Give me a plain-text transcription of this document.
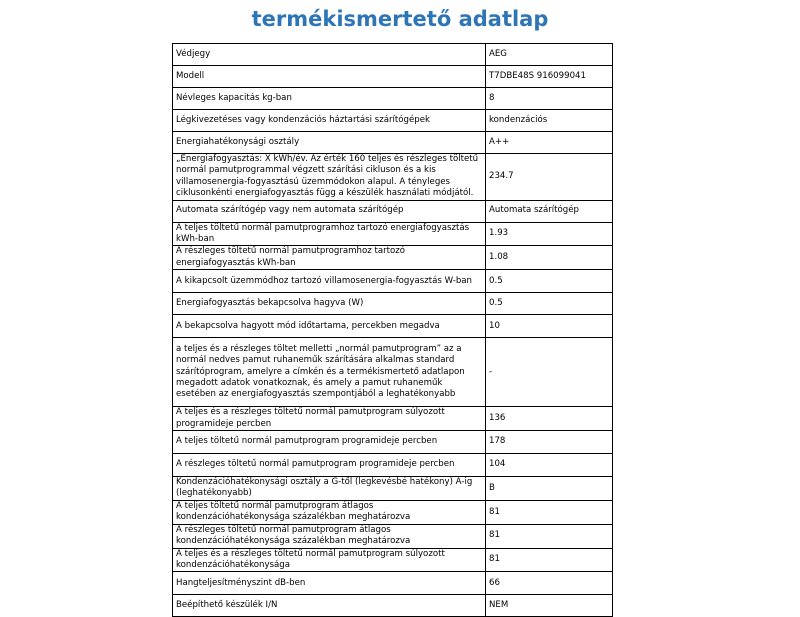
termékismertető adatlap
Védjegy	AEG
Modell	T7DBE48S 916099041
Névleges kapacitás kg-ban	8
Légkivezetéses vagy kondenzációs háztartási szárítógépek	kondenzációs
Energiahatékonysági osztály	A++
„Energiafogyasztás: X kWh/év. Az érték 160 teljes és részleges töltetű normál pamutprogrammal végzett szárítási cikluson és a kis villamosenergia-fogyasztású üzemmódokon alapul. A tényleges ciklusonkénti energiafogyasztás függ a készülék használati módjától.	234.7
Automata szárítógép vagy nem automata szárítógép	Automata szárítógép
A teljes töltetű normál pamutprogramhoz tartozó energiafogyasztás kWh-ban	1.93
A részleges töltetű normál pamutprogramhoz tartozó energiafogyasztás kWh-ban	1.08
A kikapcsolt üzemmódhoz tartozó villamosenergia-fogyasztás W-ban	0.5
Energiafogyasztás bekapcsolva hagyva (W)	0.5
A bekapcsolva hagyott mód időtartama, percekben megadva	10
a teljes és a részleges töltet melletti „normál pamutprogram” az a normál nedves pamut ruhaneműk szárítására alkalmas standard szárítóprogram, amelyre a címkén és a termékismertető adatlapon megadott adatok vonatkoznak, és amely a pamut ruhaneműk esetében az energiafogyasztás szempontjából a leghatékonyabb	-
A teljes és a részleges töltetű normál pamutprogram súlyozott programideje percben	136
A teljes töltetű normál pamutprogram programideje percben	178
A részleges töltetű normál pamutprogram programideje percben	104
Kondenzációhatékonysági osztály a G-től (legkevésbé hatékony) A-ig (leghatékonyabb)	B
A teljes töltetű normál pamutprogram átlagos kondenzációhatékonysága százalékban meghatározva	81
A részleges töltetű normál pamutprogram átlagos kondenzációhatékonysága százalékban meghatározva	81
A teljes és a részleges töltetű normál pamutprogram súlyozott kondenzációhatékonysága	81
Hangteljesítményszint dB-ben	66
Beépíthető készülék I/N	NEM
